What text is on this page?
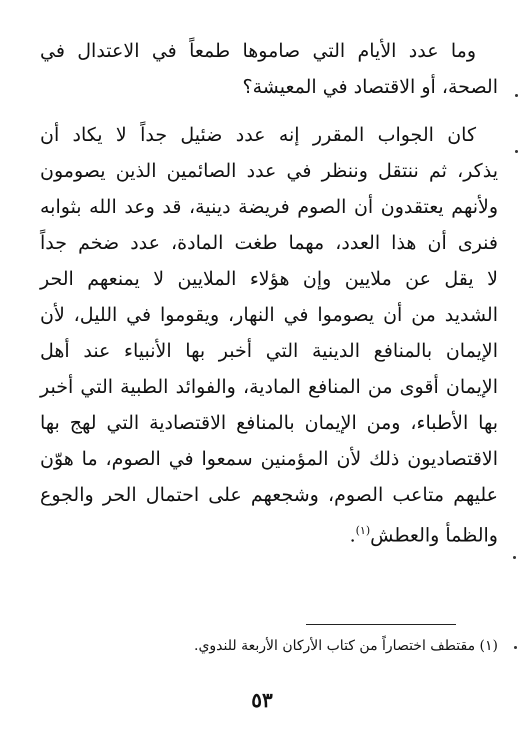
وما عدد الأيام التي صاموها طمعاً في الاعتدال في
الصحة، أو الاقتصاد في المعيشة؟
كان الجواب المقرر إنه عدد ضئيل جداً لا يكاد أن
يذكر، ثم ننتقل وننظر في عدد الصائمين الذين يصومون
ولأنهم يعتقدون أن الصوم فريضة دينية، قد وعد الله بثوابه
فنرى أن هذا العدد، مهما طغت المادة، عدد ضخم جداً
لا يقل عن ملايين وإن هؤلاء الملايين لا يمنعهم الحر
الشديد من أن يصوموا في النهار، ويقوموا في الليل، لأن
الإيمان بالمنافع الدينية التي أخبر بها الأنبياء عند أهل
الإيمان أقوى من المنافع المادية، والفوائد الطبية التي أخبر
بها الأطباء، ومن الإيمان بالمنافع الاقتصادية التي لهج بها
الاقتصاديون ذلك لأن المؤمنين سمعوا في الصوم، ما هوّن
عليهم متاعب الصوم، وشجعهم على احتمال الحر والجوع
والظمأ والعطش$^{(١)}$.
(١) مقتطف اختصاراً من كتاب الأركان الأربعة للندوي.
٥٣
